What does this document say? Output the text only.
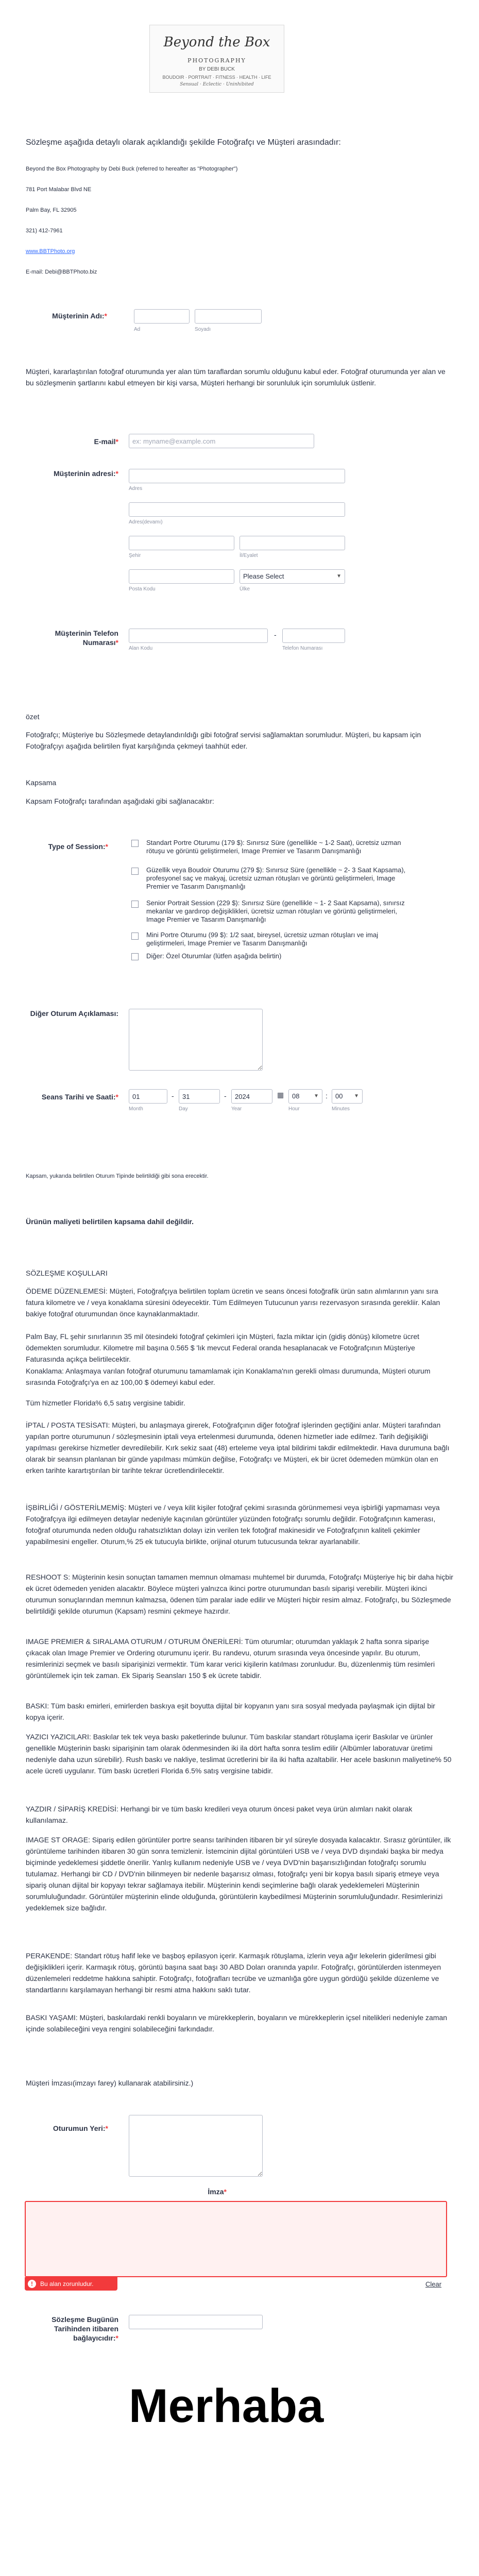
Beyond the Box
PHOTOGRAPHY
BY DEBI BUCK
BOUDOIR · PORTRAIT · FITNESS · HEALTH · LIFE
Sensual · Eclectic · Uninhibited
Sözleşme aşağıda detaylı olarak açıklandığı şekilde Fotoğrafçı ve Müşteri arasındadır:
Beyond the Box Photography by Debi Buck (referred to hereafter as "Photographer")
781 Port Malabar Blvd NE
Palm Bay, FL 32905
321) 412-7961
www.BBTPhoto.org
E-mail: Debi@BBTPhoto.biz
Müşterinin Adı:*
Ad	Soyadı
Müşteri, kararlaştırılan fotoğraf oturumunda yer alan tüm taraflardan sorumlu olduğunu kabul eder. Fotoğraf oturumunda yer alan ve bu sözleşmenin şartlarını kabul etmeyen bir kişi varsa, Müşteri herhangi bir sorunluluk için sorumluluk üstlenir.
E-mail*
ex: myname@example.com
Müşterinin adresi:*
Adres
Adres(devamı)
Şehir	İl/Eyalet
Please Select	▼
Posta Kodu	Ülke
Müşterinin Telefon Numarası*
-
Alan Kodu	Telefon Numarası
özet
Fotoğrafçı; Müşteriye bu Sözleşmede detaylandırıldığı gibi fotoğraf servisi sağlamaktan sorumludur. Müşteri, bu kapsam için Fotoğrafçıyı aşağıda belirtilen fiyat karşılığında çekmeyi taahhüt eder.
Kapsama
Kapsam Fotoğrafçı tarafından aşağıdaki gibi sağlanacaktır:
Type of Session:*	Standart Portre Oturumu (179 $): Sınırsız Süre (genellikle ~ 1-2 Saat), ücretsiz uzman rötuşu ve görüntü geliştirmeleri, Image Premier ve Tasarım Danışmanlığı
Güzellik veya Boudoir Oturumu (279 $): Sınırsız Süre (genellikle ~ 2- 3 Saat Kapsama), profesyonel saç ve makyaj, ücretsiz uzman rötuşları ve görüntü geliştirmeleri, Image Premier ve Tasarım Danışmanlığı
Senior Portrait Session (229 $): Sınırsız Süre (genellikle ~ 1- 2 Saat Kapsama), sınırsız mekanlar ve gardırop değişiklikleri, ücretsiz uzman rötuşları ve görüntü geliştirmeleri, Image Premier ve Tasarım Danışmanlığı
Mini Portre Oturumu (99 $): 1/2 saat, bireysel, ücretsiz uzman rötuşları ve imaj geliştirmeleri, Image Premier ve Tasarım Danışmanlığı
Diğer: Özel Oturumlar (lütfen aşağıda belirtin)
Diğer Oturum Açıklaması:
Seans Tarihi ve Saati:*
01	-
31	-
2024	▦	08	▼ :	00 ▼
Month	Day	Year	Hour	Minutes
Kapsam, yukarıda belirtilen Oturum Tipinde belirtildiği gibi sona erecektir.
Ürünün maliyeti belirtilen kapsama dahil değildir.
SÖZLEŞME KOŞULLARI
ÖDEME DÜZENLEMESİ: Müşteri, Fotoğrafçıya belirtilen toplam ücretin ve seans öncesi fotoğrafik ürün satın alımlarının yanı sıra fatura kilometre ve / veya konaklama süresini ödeyecektir. Tüm Edilmeyen Tutucunun yarısı rezervasyon sırasında gerekliir. Kalan bakiye fotoğraf oturumundan önce kaynaklanmaktadır.
Palm Bay, FL şehir sınırlarının 35 mil ötesindeki fotoğraf çekimleri için Müşteri, fazla miktar için (gidiş dönüş) kilometre ücret ödemekten sorumludur. Kilometre mil başına 0.565 $ 'lık mevcut Federal oranda hesaplanacak ve Fotoğrafçının Müşteriye Faturasında açıkça belirtilecektir.
Konaklama: Anlaşmaya varılan fotoğraf oturumunu tamamlamak için Konaklama'nın gerekli olması durumunda, Müşteri oturum sırasında Fotoğrafçı'ya en az 100,00 $ ödemeyi kabul eder.
Tüm hizmetler Florida% 6,5 satış vergisine tabidir.
İPTAL / POSTA TESİSATI: Müşteri, bu anlaşmaya girerek, Fotoğrafçının diğer fotoğraf işlerinden geçtiğini anlar. Müşteri tarafından yapılan portre oturumunun / sözleşmesinin iptali veya ertelenmesi durumunda, ödenen hizmetler iade edilmez. Tarih değişikliği yapılması gerekirse hizmetler devredilebilir. Kırk sekiz saat (48) erteleme veya iptal bildirimi takdir edilmektedir. Hava durumuna bağlı olarak bir seansın planlanan bir günde yapılması mümkün değilse, Fotoğrafçı ve Müşteri, ek bir ücret ödemeden mümkün olan en erken tarihte karartıştırılan bir tarihte tekrar ücretlendirilecektir.
İŞBİRLİĞİ / GÖSTERİLMEMİŞ: Müşteri ve / veya kilit kişiler fotoğraf çekimi sırasında görünmemesi veya işbirliği yapmaması veya Fotoğrafçıya ilgi edilmeyen detaylar nedeniyle kaçınılan görüntüler yüzünden fotoğrafçı sorumlu değildir. Fotoğrafçının kamerası, fotoğraf oturumunda neden olduğu rahatsızlıktan dolayı izin verilen tek fotoğraf makinesidir ve Fotoğrafçının kaliteli çekimler yapabilmesini engeller. Oturum,% 25 ek tutucuyla birlikte, orijinal oturum tutucusunda tekrar ayarlanabilir.
RESHOOT S: Müşterinin kesin sonuçtan tamamen memnun olmaması muhtemel bir durumda, Fotoğrafçı Müşteriye hiç bir daha hiçbir ek ücret ödemeden yeniden alacaktır. Böylece müşteri yalnızca ikinci portre oturumundan basılı siparişi verebilir. Müşteri ikinci oturumun sonuçlarından memnun kalmazsa, ödenen tüm paralar iade edilir ve Müşteri hiçbir resim almaz. Fotoğrafçı, bu Sözleşmede belirtildiği şekilde oturumun (Kapsam) resmini çekmeye hazırdır.
IMAGE PREMIER & SIRALAMA OTURUM / OTURUM ÖNERİLERİ: Tüm oturumlar; oturumdan yaklaşık 2 hafta sonra siparişe çıkacak olan Image Premier ve Ordering oturumunu içerir. Bu randevu, oturum sırasında veya öncesinde yapılır. Bu oturum, resimlerinizi seçmek ve basılı siparişinizi vermektir. Tüm karar verici kişilerin katılması zorunludur. Bu, düzenlenmiş tüm resimleri görüntülemek için tek zaman. Ek Sipariş Seansları 150 $ ek ücrete tabidir.
BASKI: Tüm baskı emirleri, emirlerden baskıya eşit boyutta dijital bir kopyanın yanı sıra sosyal medyada paylaşmak için dijital bir kopya içerir.
YAZICI YAZICILARI: Baskılar tek tek veya baskı paketlerinde bulunur. Tüm baskılar standart rötuşlama içerir Baskılar ve ürünler genellikle Müşterinin baskı siparişinin tam olarak ödenmesinden iki ila dört hafta sonra teslim edilir (Albümler laboratuvar üretimi nedeniyle daha uzun sürebilir). Rush baskı ve nakliye, teslimat ücretlerini bir ila iki hafta azaltabilir. Her acele baskının maliyetine% 50 acele ücreti uygulanır. Tüm baskı ücretleri Florida 6.5% satış vergisine tabidir.
YAZDIR / SİPARİŞ KREDİSİ: Herhangi bir ve tüm baskı kredileri veya oturum öncesi paket veya ürün alımları nakit olarak kullanılamaz.
IMAGE ST ORAGE: Sipariş edilen görüntüler portre seansı tarihinden itibaren bir yıl süreyle dosyada kalacaktır. Sırasız görüntüler, ilk görüntüleme tarihinden itibaren 30 gün sonra temizlenir. İstemcinin dijital görüntüleri USB ve / veya DVD dışındaki başka bir medya biçiminde yedeklemesi şiddetle önerilir. Yanlış kullanım nedeniyle USB ve / veya DVD'nin başarısızlığından fotoğrafçı sorumlu tutulamaz. Herhangi bir CD / DVD'nin bilinmeyen bir nedenle başarısız olması, fotoğrafçı yeni bir kopya basılı sipariş etmeye veya sipariş olunan dijital bir kopyayı tekrar sağlamaya itebilir. Müşterinin kendi seçimlerine bağlı olarak yedeklemeleri Müşterinin sorumluluğundadır. Görüntüler müşterinin elinde olduğunda, görüntülerin kaybedilmesi Müşterinin sorumluluğundadır. Resimlerinizi yedeklemek size bağlıdır.
PERAKENDE: Standart rötuş hafif leke ve başboş epilasyon içerir. Karmaşık rötuşlama, izlerin veya ağır lekelerin giderilmesi gibi değişiklikleri içerir. Karmaşık rötuş, görüntü başına saat başı 30 ABD Doları oranında yapılır. Fotoğrafçı, görüntülerden istenmeyen düzenlemeleri reddetme hakkına sahiptir. Fotoğrafçı, fotoğrafları tecrübe ve uzmanlığa göre uygun gördüğü şekilde düzenleme ve standartlarını karşılamayan herhangi bir resmi atma hakkını saklı tutar.
BASKI YAŞAMI: Müşteri, baskılardaki renkli boyaların ve mürekkeplerin, boyaların ve mürekkeplerin içsel nitelikleri nedeniyle zaman içinde solabileceğini veya rengini solabileceğini farkındadır.
Müşteri İmzası(imzayı farey) kullanarak atabilirsiniz.)
Oturumun Yeri:*
İmza*
!	Bu alan zorunludur.	Clear
Sözleşme Bugünün Tarihinden itibaren bağlayıcıdır:*
Merhaba
